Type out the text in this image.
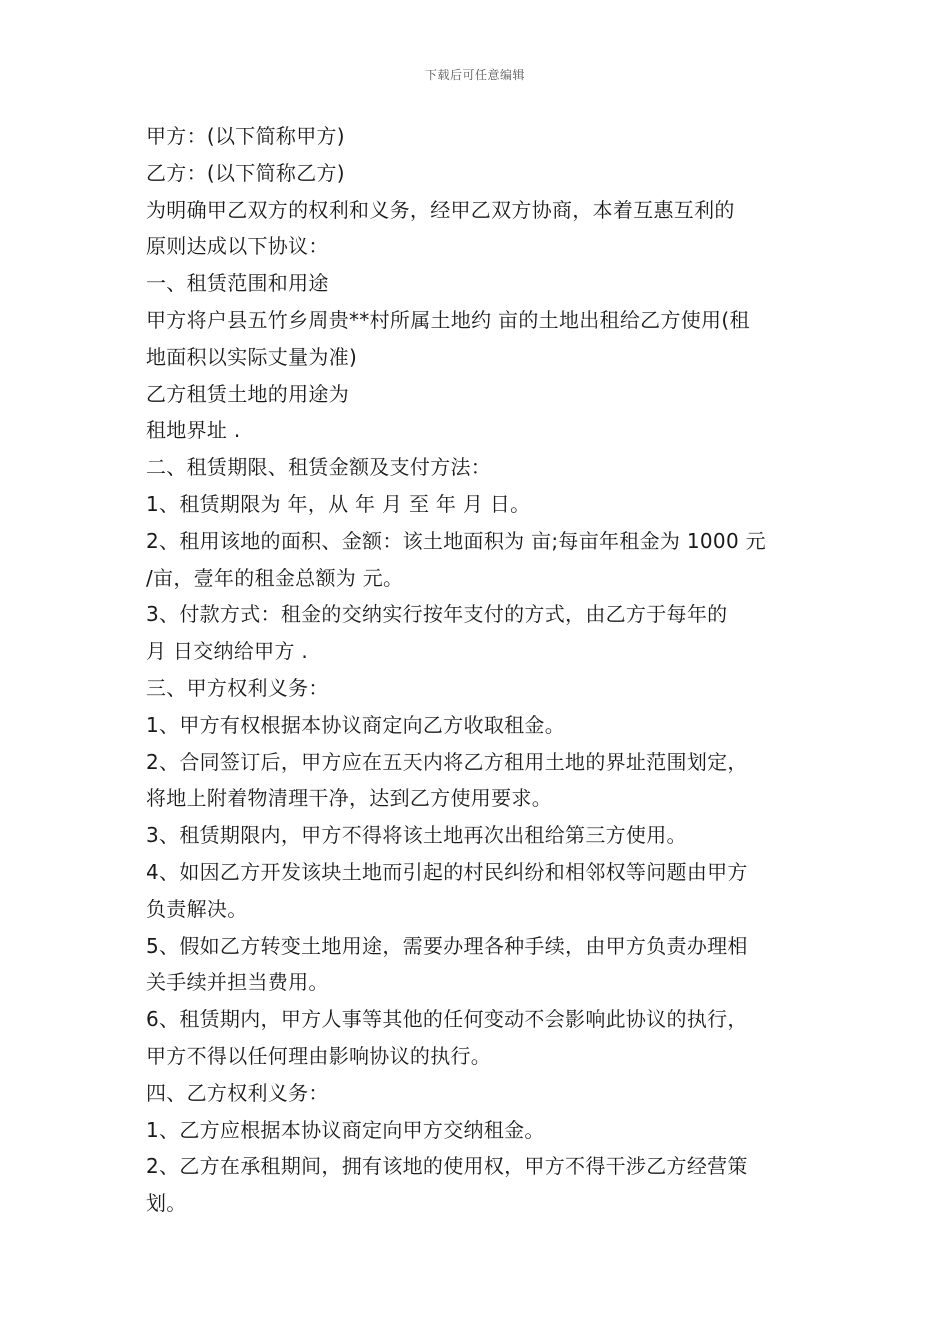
下载后可任意编辑
甲方：(以下简称甲方)
乙方：(以下简称乙方)
为明确甲乙双方的权利和义务，经甲乙双方协商，本着互惠互利的
原则达成以下协议：
一、租赁范围和用途
甲方将户县五竹乡周贵**村所属土地约 亩的土地出租给乙方使用(租
地面积以实际丈量为准)
乙方租赁土地的用途为
租地界址 .
二、租赁期限、租赁金额及支付方法：
1、租赁期限为 年，从 年 月 至 年 月 日。
2、租用该地的面积、金额：该土地面积为 亩;每亩年租金为 1000 元
/亩，壹年的租金总额为 元。
3、付款方式：租金的交纳实行按年支付的方式，由乙方于每年的
月 日交纳给甲方 .
三、甲方权利义务：
1、甲方有权根据本协议商定向乙方收取租金。
2、合同签订后，甲方应在五天内将乙方租用土地的界址范围划定，
将地上附着物清理干净，达到乙方使用要求。
3、租赁期限内，甲方不得将该土地再次出租给第三方使用。
4、如因乙方开发该块土地而引起的村民纠纷和相邻权等问题由甲方
负责解决。
5、假如乙方转变土地用途，需要办理各种手续，由甲方负责办理相
关手续并担当费用。
6、租赁期内，甲方人事等其他的任何变动不会影响此协议的执行，
甲方不得以任何理由影响协议的执行。
四、乙方权利义务：
1、乙方应根据本协议商定向甲方交纳租金。
2、乙方在承租期间，拥有该地的使用权，甲方不得干涉乙方经营策
划。
